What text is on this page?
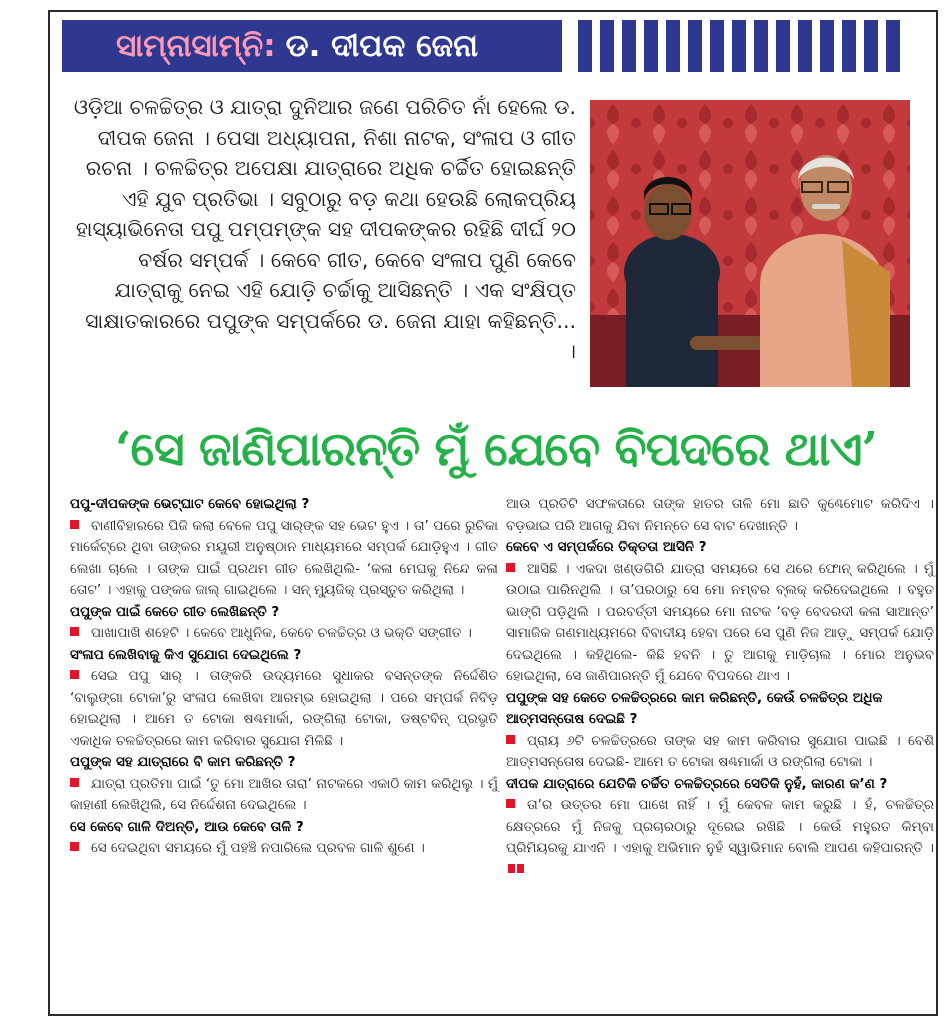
ସାମ୍ନାସାମ୍ନି: ଡ. ଦୀପକ ଜେନା

ଓଡ଼ିଆ ଚଳଚ୍ଚିତ୍ର ଓ ଯାତ୍ରା ଦୁନିଆର ଜଣେ ପରିଚିତ ନାଁ ହେଲେ ଡ. ଦୀପକ ଜେନା । ପେସା ଅଧ୍ୟାପନା, ନିଶା ନାଟକ, ସଂଳାପ ଓ ଗୀତ ରଚନା । ଚଳଚ୍ଚିତ୍ର ଅପେକ୍ଷା ଯାତ୍ରାରେ ଅଧିକ ଚର୍ଚ୍ଚିତ ହୋଇଛନ୍ତି ଏହି ଯୁବ ପ୍ରତିଭା । ସବୁଠାରୁ ବଡ଼ କଥା ହେଉଛି ଲୋକପ୍ରିୟ ହାସ୍ୟାଭିନେତା ପପୁ ପମ୍ପମ୍‌ଙ୍କ ସହ ଦୀପକଙ୍କର ରହିଛି ଦୀର୍ଘ ୨୦ ବର୍ଷର ସମ୍ପର୍କ । କେବେ ଗୀତ, କେବେ ସଂଳାପ ପୁଣି କେବେ ଯାତ୍ରାକୁ ନେଇ ଏହି ଯୋଡ଼ି ଚର୍ଚ୍ଚାକୁ ଆସିଛନ୍ତି । ଏକ ସଂକ୍ଷିପ୍ତ ସାକ୍ଷାତକାରରେ ପପୁଙ୍କ ସମ୍ପର୍କରେ ଡ. ଜେନା ଯାହା କହିଛନ୍ତି... ।

‘ସେ ଜାଣିପାରନ୍ତି ମୁଁ ଯେବେ ବିପଦରେ ଥାଏ’
ପପୁ-ଦୀପକଙ୍କ ଭେଟ୍‌ଘାଟ କେବେ ହୋଇଥିଲା ?
ବାଣୀବିହାରରେ ପିଜି କଲା ବେଳେ ପପୁ ସାର୍‌ଙ୍କ ସହ ଭେଟ ହୁଏ । ତା’ ପରେ ରୁଚିକା ମାର୍କେଟ୍‌ରେ ଥିବା ତାଙ୍କର ମୟୂରୀ ଅନୁଷ୍ଠାନ ମାଧ୍ୟମରେ ସମ୍ପର୍କ ଯୋଡ଼ିହୁଏ । ଗୀତ ଲେଖା ଚାଲେ । ତାଙ୍କ ପାଇଁ ପ୍ରଥମ ଗୀତ ଲେଖିଥିଲି- ‘କଳା ମେଘକୁ ନିନ୍ଦେ କଳା ତୋଟ’ । ଏହାକୁ ପଙ୍କଜ ଜାଲ୍ ଗାଇଥିଲେ । ସନ୍ ମ୍ୟୁଜିକ୍ ପ୍ରସ୍ତୁତ କରିଥିଲା ।
ପପୁଙ୍କ ପାଇଁ କେତେ ଗୀତ ଲେଖିଛନ୍ତି ?
ପାଖାପାଖି ଶହେଟି । କେବେ ଆଧୁନିକ, କେବେ ଚଳଚ୍ଚିତ୍ର ଓ ଭକ୍ତି ସଙ୍ଗୀତ ।
ସଂଳାପ ଲେଖିବାକୁ କିଏ ସୁଯୋଗ ଦେଇଥିଲେ ?
ସେଇ ପପୁ ସାର୍ । ତାଙ୍କରି ଉଦ୍ୟମରେ ସୁଧାକର ବସନ୍ତଙ୍କ ନିର୍ଦ୍ଦେଶିତ ‘ବାଲୁଙ୍ଗା ଟୋକା’ରୁ ସଂଳାପ ଲେଖିବା ଆରମ୍ଭ ହୋଇଥିଲା । ପରେ ସମ୍ପର୍କ ନିବିଡ଼ ହୋଇଥିଲା । ଆମେ ତ ଟୋକା ଷଣ୍ଢମାର୍କା, ରଙ୍ଗିଲା ଟୋକା, ଡଷ୍ଟବିନ୍ ପ୍ରଭୃତି ଏକାଧିକ ଚଳଚ୍ଚିତ୍ରରେ କାମ କରିବାର ସୁଯୋଗ ମିଳିଛି ।
ପପୁଙ୍କ ସହ ଯାତ୍ରାରେ ବି କାମ କରିଛନ୍ତି ?
ଯାତ୍ରା ପ୍ରତିମା ପାଇଁ ‘ତୁ ମୋ ଆଖିର ତାରା’ ନାଟକରେ ଏକାଠି କାମ କରିଥିଲୁ । ମୁଁ କାହାଣୀ ଲେଖିଥିଲି, ସେ ନିର୍ଦ୍ଦେଶନା ଦେଇଥିଲେ ।
ସେ କେବେ ଗାଳି ଦିଅନ୍ତି, ଆଉ କେବେ ତାଳି ?
ସେ ଦେଇଥିବା ସମୟରେ ମୁଁ ପହଞ୍ଚି ନପାରିଲେ ପ୍ରବଳ ଗାଳି ଶୁଣେ ।
ଆଉ ପ୍ରତିଟି ସଫଳତାରେ ତାଙ୍କ ହାତର ତାଳି ମୋ ଛାତି କୁଣ୍ଢେମୋଟ କରିଦିଏ । ବଡ଼ଭାଇ ପରି ଆଗକୁ ଯିବା ନିମନ୍ତେ ସେ ବାଟ ଦେଖାନ୍ତି ।
କେବେ ଏ ସମ୍ପର୍କରେ ତିକ୍ତତା ଆସିନି ?
ଆସିଛି । ଏକଦା ଖଣ୍ଡଗିରି ଯାତ୍ରା ସମୟରେ ସେ ଥରେ ଫୋନ୍ କରିଥିଲେ । ମୁଁ ଉଠାଇ ପାରିନଥିଲି । ତା’ପରଠାରୁ ସେ ମୋ ନମ୍ବର ବ୍ଲକ୍ କରିଦେଇଥିଲେ । ବହୁତ ଭାଙ୍ଗି ପଡ଼ିଥିଲି । ପରବର୍ତ୍ତୀ ସମୟରେ ମୋ ନାଟକ ‘ବଡ଼ ବେଦରଦୀ କଳା ସାଆନ୍ତ’ ସାମାଜିକ ଗଣମାଧ୍ୟମରେ ବିବାଦୀୟ ହେବା ପରେ ସେ ପୁଣି ନିଜ ଆଡ଼ୁ ସମ୍ପର୍କ ଯୋଡ଼ି ଦେଇଥିଲେ । କହିଥିଲେ- କିଛି ହବନି । ତୁ ଆଗକୁ ମାଡ଼ିଚାଲ । ମୋର ଅନୁଭବ ହୋଇଥିଲା, ସେ ଜାଣିପାରନ୍ତି ମୁଁ ଯେବେ ବିପଦରେ ଥାଏ ।
ପପୁଙ୍କ ସହ କେତେ ଚଳଚ୍ଚିତ୍ରରେ କାମ କରିଛନ୍ତି, କେଉଁ ଚଳଚ୍ଚିତ୍ର ଅଧିକ ଆତ୍ମସନ୍ତୋଷ ଦେଇଛି ?
ପ୍ରାୟ ୬ଟି ଚଳଚ୍ଚିତ୍ରରେ ତାଙ୍କ ସହ କାମ କରିବାର ସୁଯୋଗ ପାଇଛି । ବେଶି ଆତ୍ମସନ୍ତୋଷ ଦେଇଛି- ଆମେ ତ ଟୋକା ଷଣ୍ଢମାର୍କା ଓ ରଙ୍ଗିଲା ଟୋକା ।
ଦୀପକ ଯାତ୍ରାରେ ଯେତିକି ଚର୍ଚ୍ଚିତ ଚଳଚ୍ଚିତ୍ରରେ ସେତିକି ନୁହଁ, କାରଣ କ’ଣ ?
ତା’ର ଉତ୍ତର ମୋ ପାଖେ ନାହିଁ । ମୁଁ କେବଳ କାମ କରୁଛି । ହଁ, ଚଳଚ୍ଚିତ୍ର କ୍ଷେତ୍ରରେ ମୁଁ ନିଜକୁ ପ୍ରଚାରଠାରୁ ଦୂରେଇ ରଖିଛି । କେଉଁ ମହୁରତ କିମ୍ବା ପ୍ରିମିୟରକୁ ଯାଏନି । ଏହାକୁ ଅଭିମାନ ନୁହଁ ସ୍ୱାଭିମାନ ବୋଲି ଆପଣ କହିପାରନ୍ତି ।
